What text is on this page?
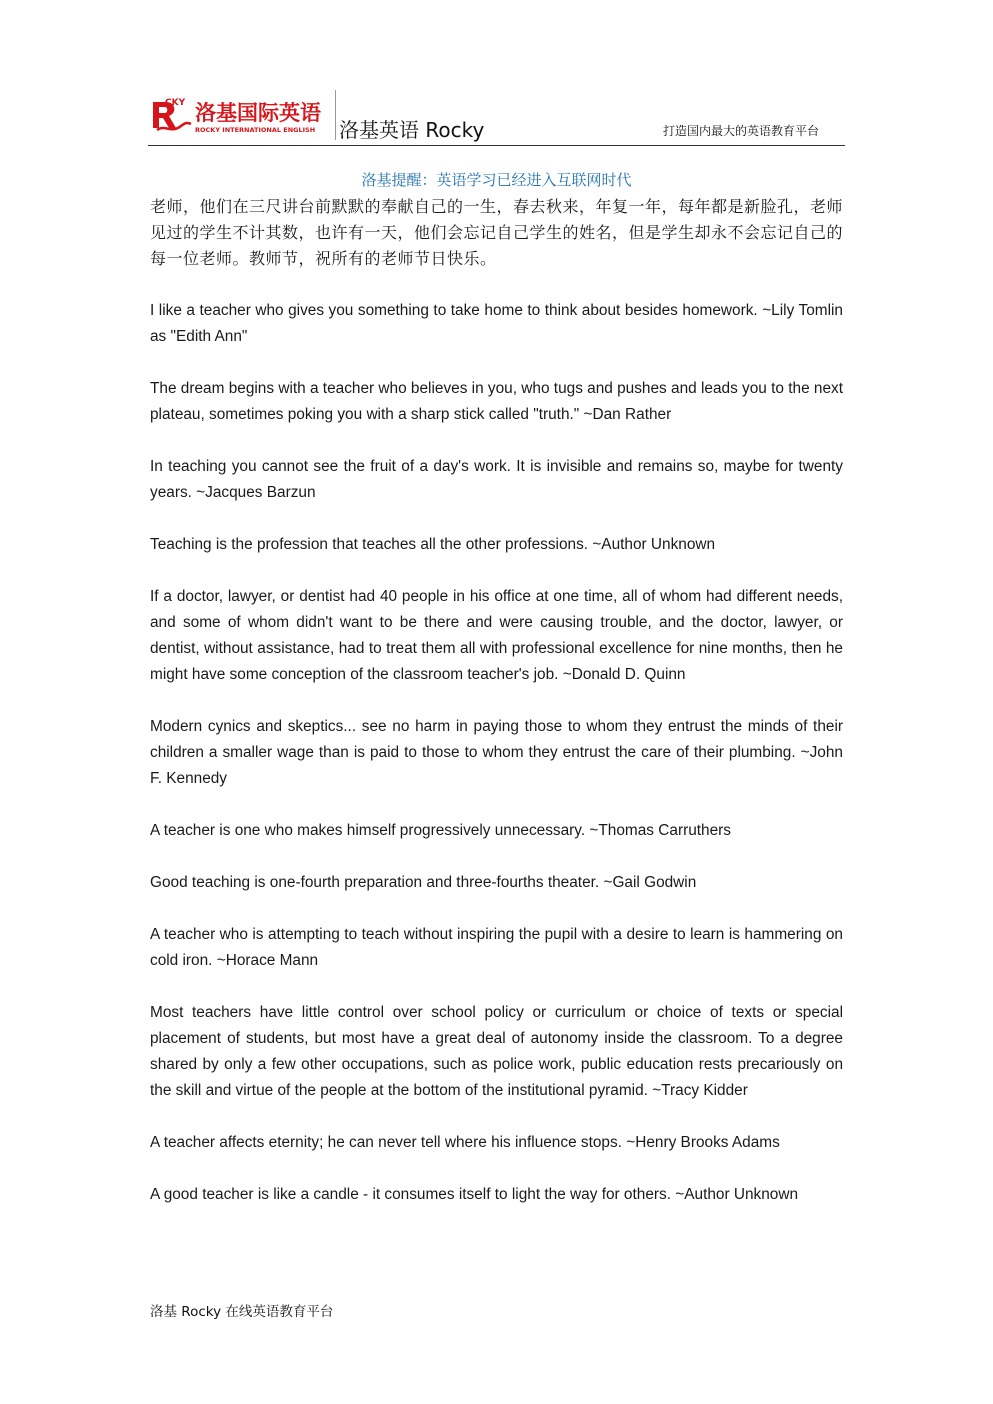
CKY 洛基国际英语
ROCKY INTERNATIONAL ENGLISH 洛基英语 Rocky	打造国内最大的英语教育平台
洛基提醒：英语学习已经进入互联网时代

老师，他们在三尺讲台前默默的奉献自己的一生，春去秋来，年复一年，每年都是新脸孔，老师见过的学生不计其数，也许有一天，他们会忘记自己学生的姓名，但是学生却永不会忘记自己的每一位老师。教师节，祝所有的老师节日快乐。

I like a teacher who gives you something to take home to think about besides homework. ~Lily Tomlin as "Edith Ann"

The dream begins with a teacher who believes in you, who tugs and pushes and leads you to the next plateau, sometimes poking you with a sharp stick called "truth." ~Dan Rather

In teaching you cannot see the fruit of a day's work. It is invisible and remains so, maybe for twenty years. ~Jacques Barzun

Teaching is the profession that teaches all the other professions. ~Author Unknown

If a doctor, lawyer, or dentist had 40 people in his office at one time, all of whom had different needs, and some of whom didn't want to be there and were causing trouble, and the doctor, lawyer, or dentist, without assistance, had to treat them all with professional excellence for nine months, then he might have some conception of the classroom teacher's job. ~Donald D. Quinn

Modern cynics and skeptics... see no harm in paying those to whom they entrust the minds of their children a smaller wage than is paid to those to whom they entrust the care of their plumbing. ~John F. Kennedy

A teacher is one who makes himself progressively unnecessary. ~Thomas Carruthers

Good teaching is one-fourth preparation and three-fourths theater. ~Gail Godwin

A teacher who is attempting to teach without inspiring the pupil with a desire to learn is hammering on cold iron. ~Horace Mann

Most teachers have little control over school policy or curriculum or choice of texts or special placement of students, but most have a great deal of autonomy inside the classroom. To a degree shared by only a few other occupations, such as police work, public education rests precariously on the skill and virtue of the people at the bottom of the institutional pyramid. ~Tracy Kidder

A teacher affects eternity; he can never tell where his influence stops. ~Henry Brooks Adams

A good teacher is like a candle - it consumes itself to light the way for others. ~Author Unknown

洛基 Rocky 在线英语教育平台
